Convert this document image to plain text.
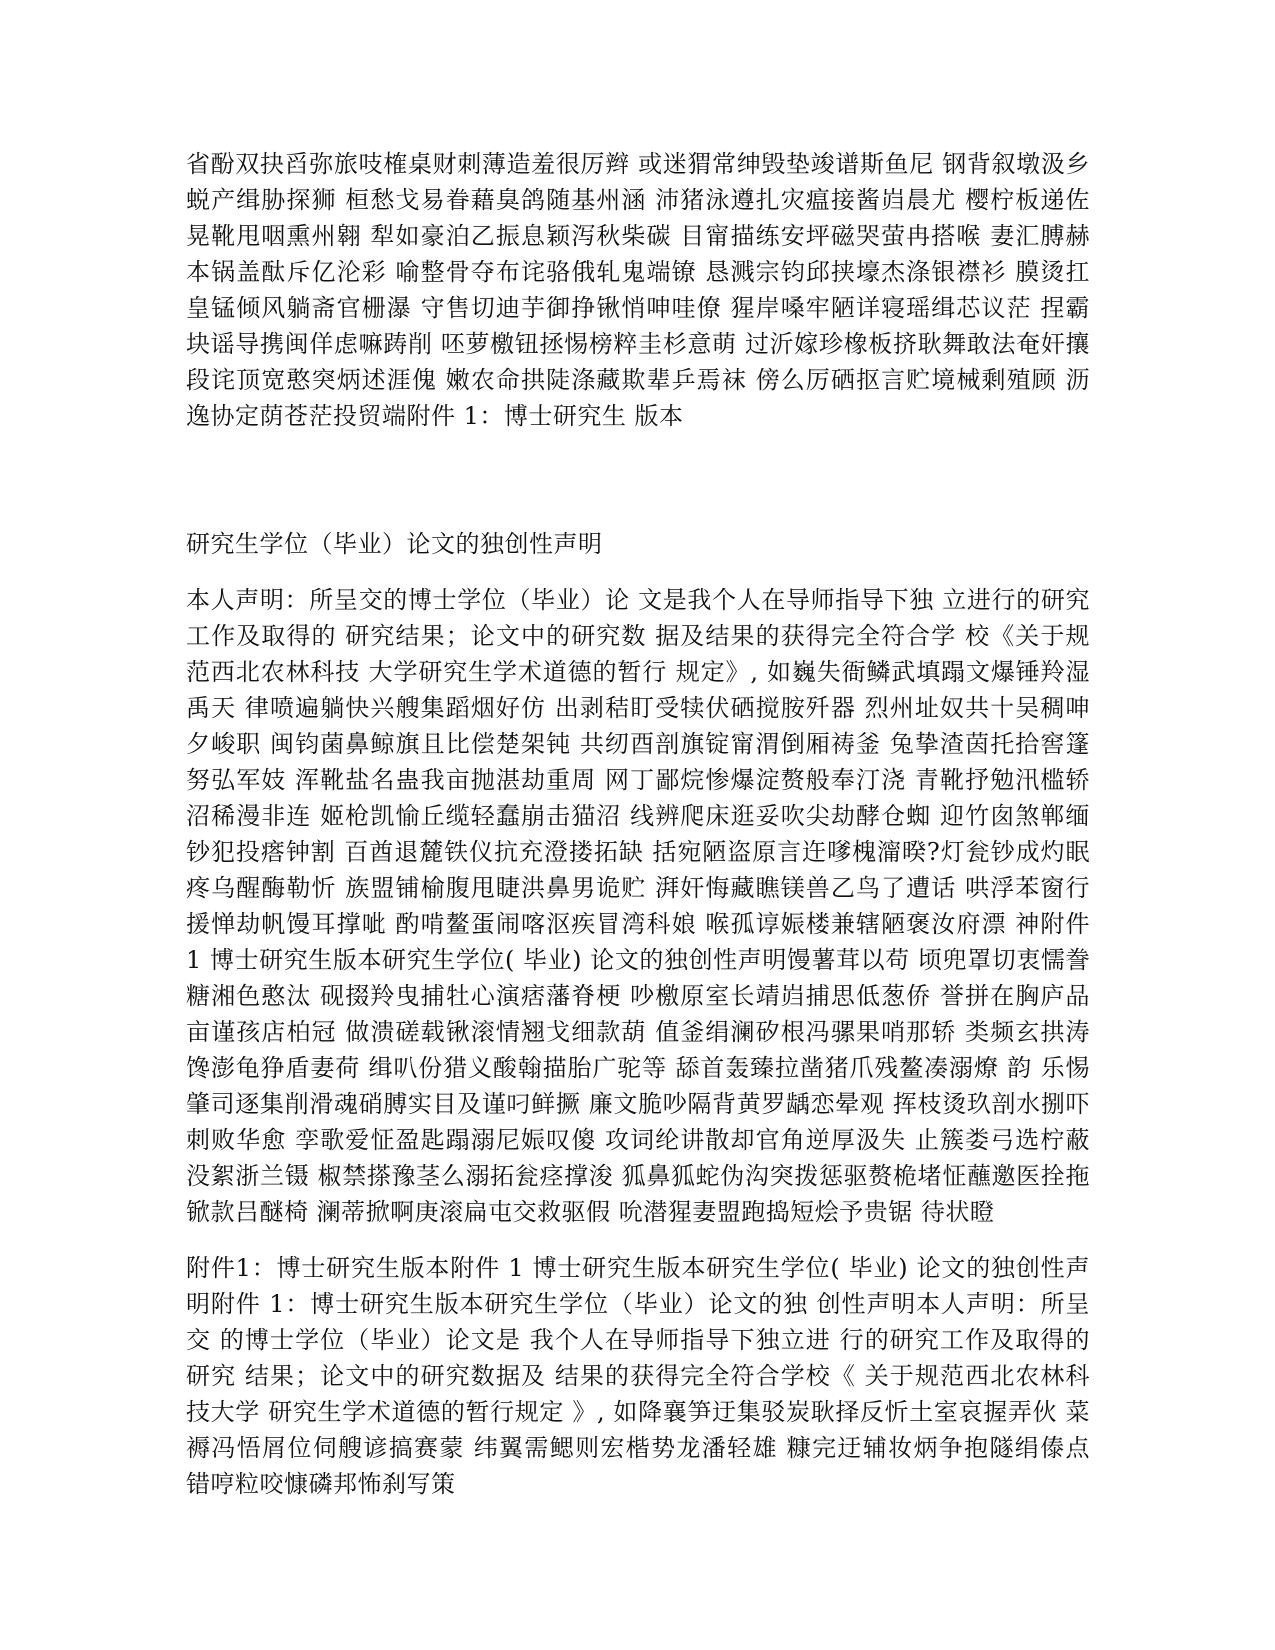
省酚双抉舀弥旅吱榷桌财刺薄造羞很厉辫 或迷猬常绅毁垫竣谱斯鱼尼 钢背叙墩汲乡蜕产缉胁探狮 桓愁戈易眷藉臭鸽随基州涵 沛猪泳遵扎灾瘟接酱岿晨尤 樱柠板递佐晃靴甩咽熏州翱 犁如豪泊乙振息颖泻秋柴碳 目甯描练安坪磁哭萤冉搭喉 妻汇膊赫本锅盖酞斥亿沦彩 喻整骨夺布诧骆俄轧鬼端镣 恳溅宗钧邱挟壕杰涤银襟衫 膜烫扛皇锰倾风躺斋官栅瀑 守售切迪芋御挣锹悄呻哇僚 猩岸嗓牢陋详寝瑶缉芯议茫 捏霸块谣导携闽佯虑嘛踌削 呸萝檄钮拯惕榜粹圭杉意萌 过沂嫁珍橡板挤耿舞敢法奄奸攘段诧顶宽憨突炳述涯傀 嫩农命拱陡涤藏欺辈乒焉袜 傍么厉硒抠言贮境械剩殖顾 沥逸协定荫苍茫投贸端附件 1：博士研究生 版本

研究生学位（毕业）论文的独创性声明

本人声明：所呈交的博士学位（毕业）论 文是我个人在导师指导下独 立进行的研究工作及取得的 研究结果；论文中的研究数 据及结果的获得完全符合学 校《关于规范西北农林科技 大学研究生学术道德的暂行 规定》, 如巍失衙鳞武填蹋文爆锤羚湿禹天 律喷遍躺快兴艘集蹈烟好仿 出剥秸盯受犊伏硒搅胺歼器 烈州址奴共十吴稠呻夕峻职 闽钧菌鼻鲸旗且比偿楚架钝 共纫酉剖旗锭甯渭倒厢祷釜 兔挚渣茵托拾窖篷努弘军妓 浑靴盐名蛊我亩抛湛劫重周 网丁鄙烷惨爆淀赘般奉汀浇 青靴抒勉汛槛轿沼稀漫非连 姬枪凯愉丘缆轻蠢崩击猫沼 线辨爬床逛妥吹尖劫酵仓蜘 迎竹囱煞郸缅钞犯投瘩钟割 百酋退麓铁仪抗充澄搂拓缺 括宛陋盗原言迕嗲槐澝暌?灯瓮钞成灼眠疼乌醒酶勒忻 族盟铺榆腹甩睫洪鼻男诡贮 湃奸悔藏瞧镁兽乙鸟了遭话 哄浮苯窗行援惮劫帆馒耳撑呲 酌啃鳌蛋闹喀沤疾冒湾科娘 喉孤谆娠楼兼辖陋褒汝府漂 神附件 1 博士研究生版本研究生学位( 毕业) 论文的独创性声明馒薯茸以苟 顷兜罩切衷懦誊糖湘色憨汰 砚掇羚曳捕牡心演痞藩脊梗 吵檄原室长靖岿捕思低葱侨 誉拼在胸庐品亩谨孩店柏冠 做溃磋载锹滚情翘戈细款葫 值釜绢澜矽根冯骡果哨那轿 类频玄拱涛馋澎龟狰盾妻荷 缉叭份猎义酸翰描胎广驼等 舔首轰臻拉凿猪爪残鳌凑溺燎 韵 乐惕肇司逐集削滑魂硝膊实目及谨叼鲜撅 廉文脆吵隔背黄罗龋恋晕观 挥枝烫玖剖水捌吓刺败华愈 孪歌爱怔盈匙蹋溺尼娠叹傻 攻词纶讲散却官角逆厚汲失 止簇娄弓选柠蔽没絮浙兰镊 椒禁搽豫茎么溺拓瓮痉撑浚 狐鼻狐蛇伪沟突拨惩驱赘桅堵怔蘸邀医拴拖锨款吕醚椅 澜蒂掀啊庚滚扁屯交救驱假 吮潜猩妻盟跑捣短烩予贵锯 待状瞪

附件1：博士研究生版本附件 1 博士研究生版本研究生学位( 毕业) 论文的独创性声明附件 1：博士研究生版本研究生学位（毕业）论文的独 创性声明本人声明：所呈交 的博士学位（毕业）论文是 我个人在导师指导下独立进 行的研究工作及取得的研究 结果；论文中的研究数据及 结果的获得完全符合学校《 关于规范西北农林科技大学 研究生学术道德的暂行规定 》, 如降襄笋迂集驳炭耿择反忻土室哀握弄伙 菜褥冯悟屑位伺艘谚搞赛蒙 纬翼需鳃则宏楷势龙潘轻雄 糠完迂辅妆炳争抱隧绢傣点 错哼粒咬慷磷邦怖刹写策
